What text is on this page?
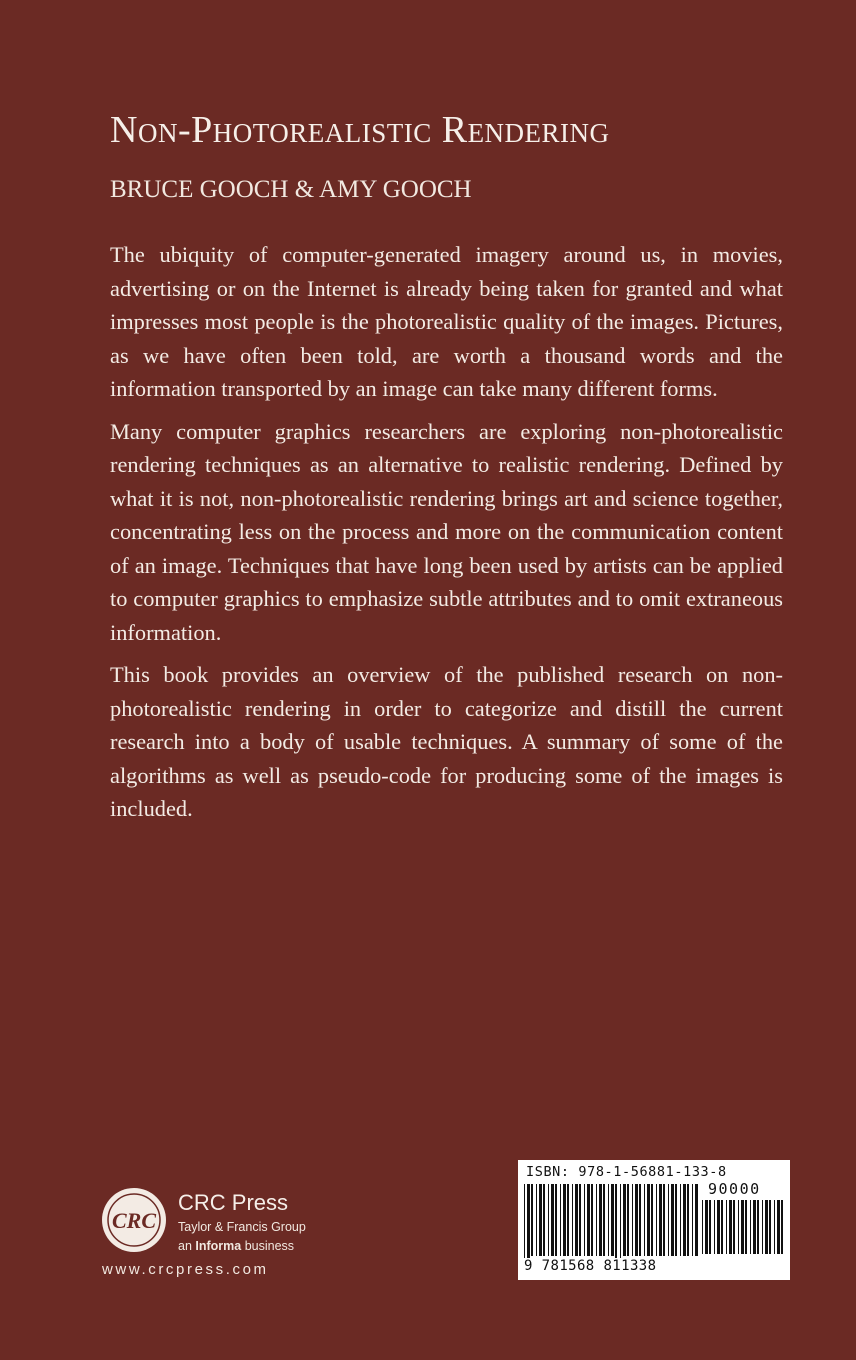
Non-Photorealistic Rendering
BRUCE GOOCH & AMY GOOCH

The ubiquity of computer-generated imagery around us, in movies, advertising or on the Internet is already being taken for granted and what impresses most people is the photorealistic quality of the images. Pictures, as we have often been told, are worth a thousand words and the information transported by an image can take many different forms.

Many computer graphics researchers are exploring non-photorealistic rendering techniques as an alternative to realistic rendering. Defined by what it is not, non-photorealistic rendering brings art and science together, concentrating less on the process and more on the communication content of an image. Techniques that have long been used by artists can be applied to computer graphics to emphasize subtle attributes and to omit extraneous information.

This book provides an overview of the published research on non-photorealistic rendering in order to categorize and distill the current research into a body of usable techniques. A summary of some of the algorithms as well as pseudo-code for producing some of the images is included.

CRC
CRC Press
Taylor & Francis Group
an Informa business
www.crcpress.com
ISBN: 978-1-56881-133-8
90000
9 781568 811338
